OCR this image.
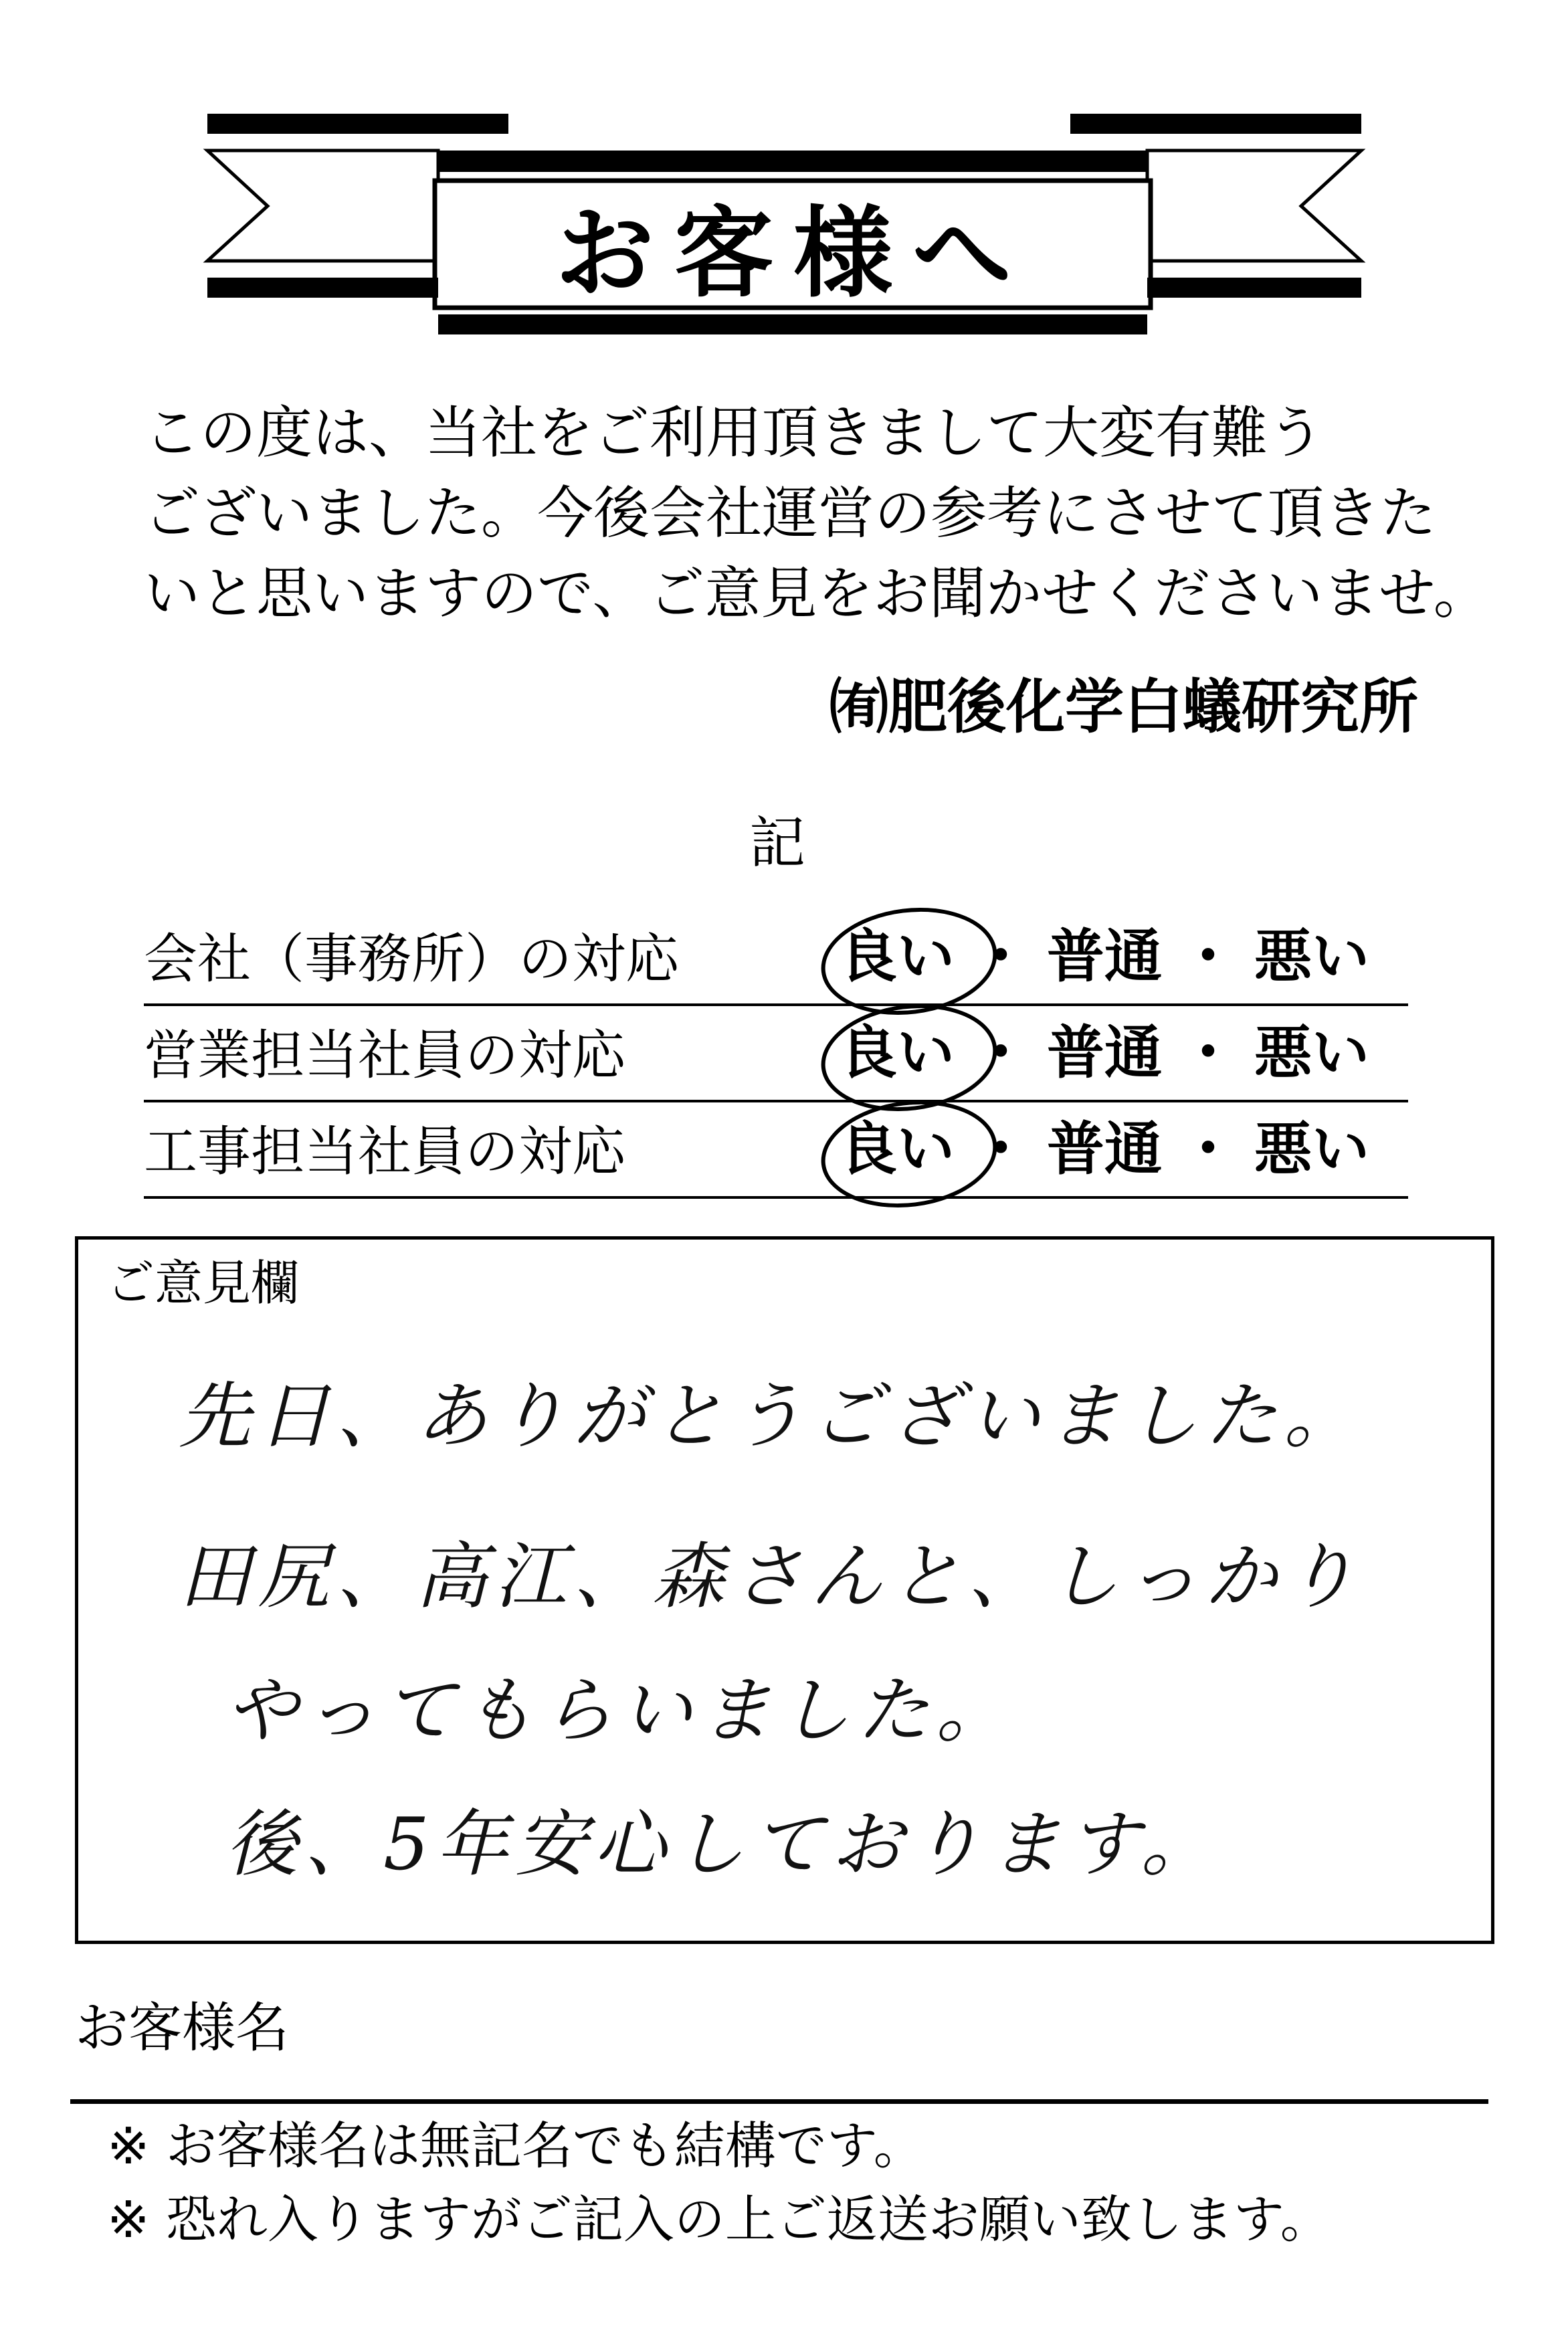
お客様へ
この度は、当社をご利用頂きまして大変有難う
ございました。今後会社運営の参考にさせて頂きた
いと思いますので、ご意見をお聞かせくださいませ。
㈲肥後化学白蟻研究所
記
会社（事務所）の対応	良い ・ 普通 ・ 悪い
営業担当社員の対応	良い ・ 普通 ・ 悪い
工事担当社員の対応	良い ・ 普通 ・ 悪い
ご意見欄
先日、ありがとうございました。
田尻、高江、森さんと、しっかり
やってもらいました。
後、5年安心しております。
お客様名
※ お客様名は無記名でも結構です。
※ 恐れ入りますがご記入の上ご返送お願い致します。
